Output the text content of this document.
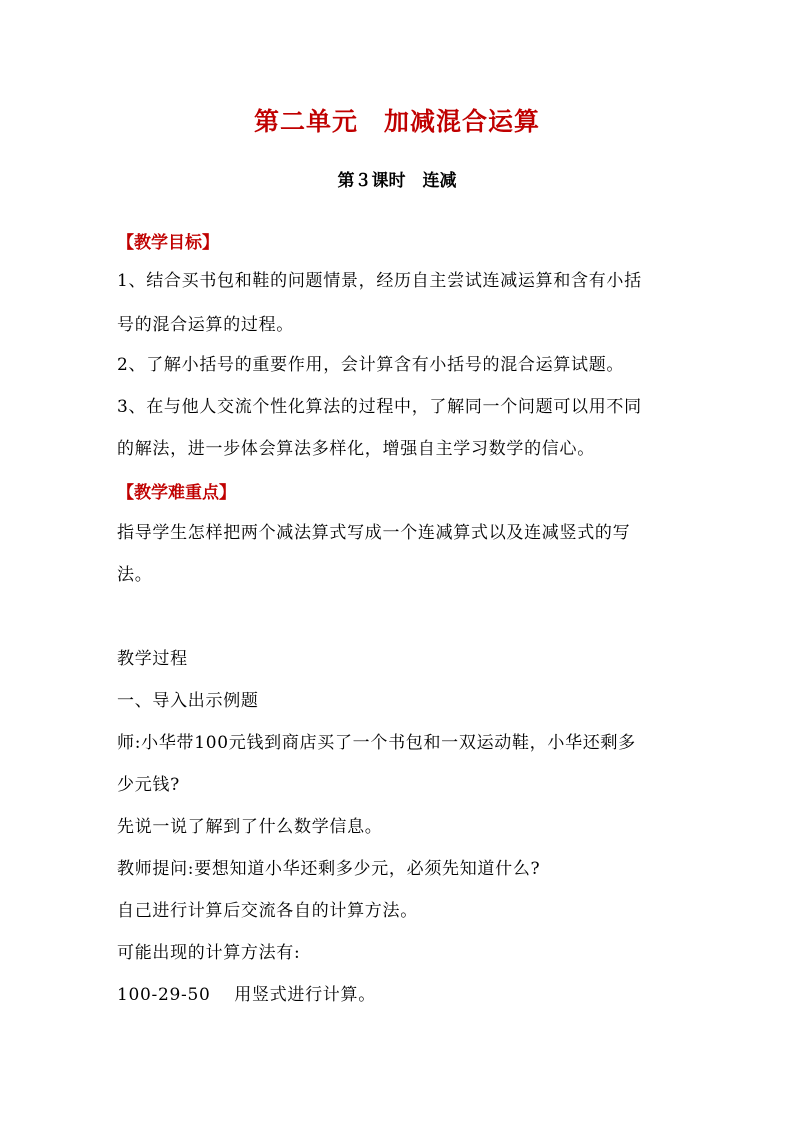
第二单元　加减混合运算
第３课时　连减
【教学目标】
1、结合买书包和鞋的问题情景，经历自主尝试连减运算和含有小括
号的混合运算的过程。
2、了解小括号的重要作用，会计算含有小括号的混合运算试题。
3、在与他人交流个性化算法的过程中，了解同一个问题可以用不同
的解法，进一步体会算法多样化，增强自主学习数学的信心。
【教学难重点】
指导学生怎样把两个减法算式写成一个连减算式以及连减竖式的写
法。
教学过程
一、导入出示例题
师:小华带100元钱到商店买了一个书包和一双运动鞋，小华还剩多
少元钱?
先说一说了解到了什么数学信息。
教师提问:要想知道小华还剩多少元，必须先知道什么?
自己进行计算后交流各自的计算方法。
可能出现的计算方法有:
100-29-50　 用竖式进行计算。
